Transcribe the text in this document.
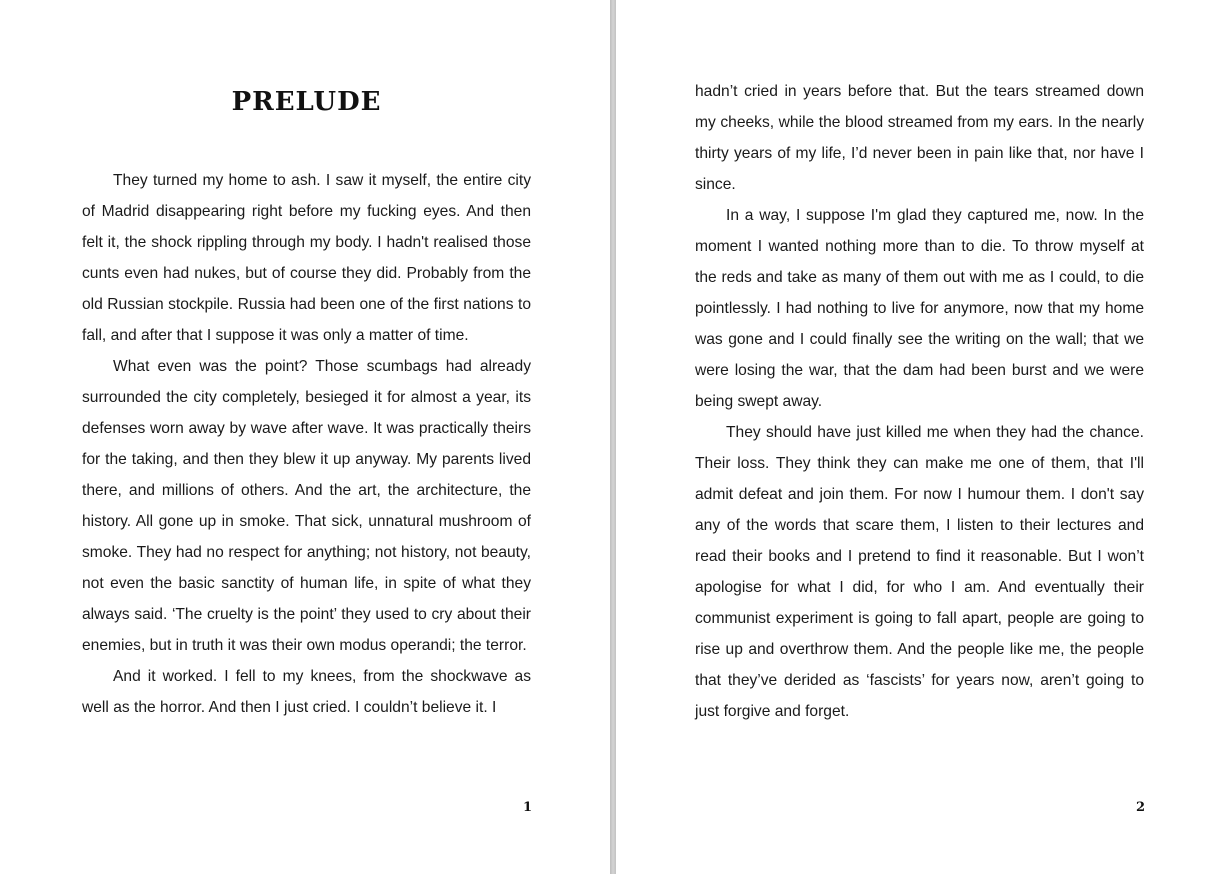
PRELUDE

They turned my home to ash. I saw it myself, the entire city of Madrid disappearing right before my fucking eyes. And then felt it, the shock rippling through my body. I hadn't realised those cunts even had nukes, but of course they did. Probably from the old Russian stockpile. Russia had been one of the first nations to fall, and after that I suppose it was only a matter of time.

What even was the point? Those scumbags had already surrounded the city completely, besieged it for almost a year, its defenses worn away by wave after wave. It was practically theirs for the taking, and then they blew it up anyway. My parents lived there, and millions of others. And the art, the architecture, the history. All gone up in smoke. That sick, unnatural mushroom of smoke. They had no respect for anything; not history, not beauty, not even the basic sanctity of human life, in spite of what they always said. ‘The cruelty is the point’ they used to cry about their enemies, but in truth it was their own modus operandi; the terror.

And it worked. I fell to my knees, from the shockwave as well as the horror. And then I just cried. I couldn’t believe it. I

1

hadn’t cried in years before that. But the tears streamed down my cheeks, while the blood streamed from my ears. In the nearly thirty years of my life, I’d never been in pain like that, nor have I since.

In a way, I suppose I'm glad they captured me, now. In the moment I wanted nothing more than to die. To throw myself at the reds and take as many of them out with me as I could, to die pointlessly. I had nothing to live for anymore, now that my home was gone and I could finally see the writing on the wall; that we were losing the war, that the dam had been burst and we were being swept away.

They should have just killed me when they had the chance. Their loss. They think they can make me one of them, that I'll admit defeat and join them. For now I humour them. I don't say any of the words that scare them, I listen to their lectures and read their books and I pretend to find it reasonable. But I won’t apologise for what I did, for who I am. And eventually their communist experiment is going to fall apart, people are going to rise up and overthrow them. And the people like me, the people that they’ve derided as ‘fascists’ for years now, aren’t going to just forgive and forget.

2
